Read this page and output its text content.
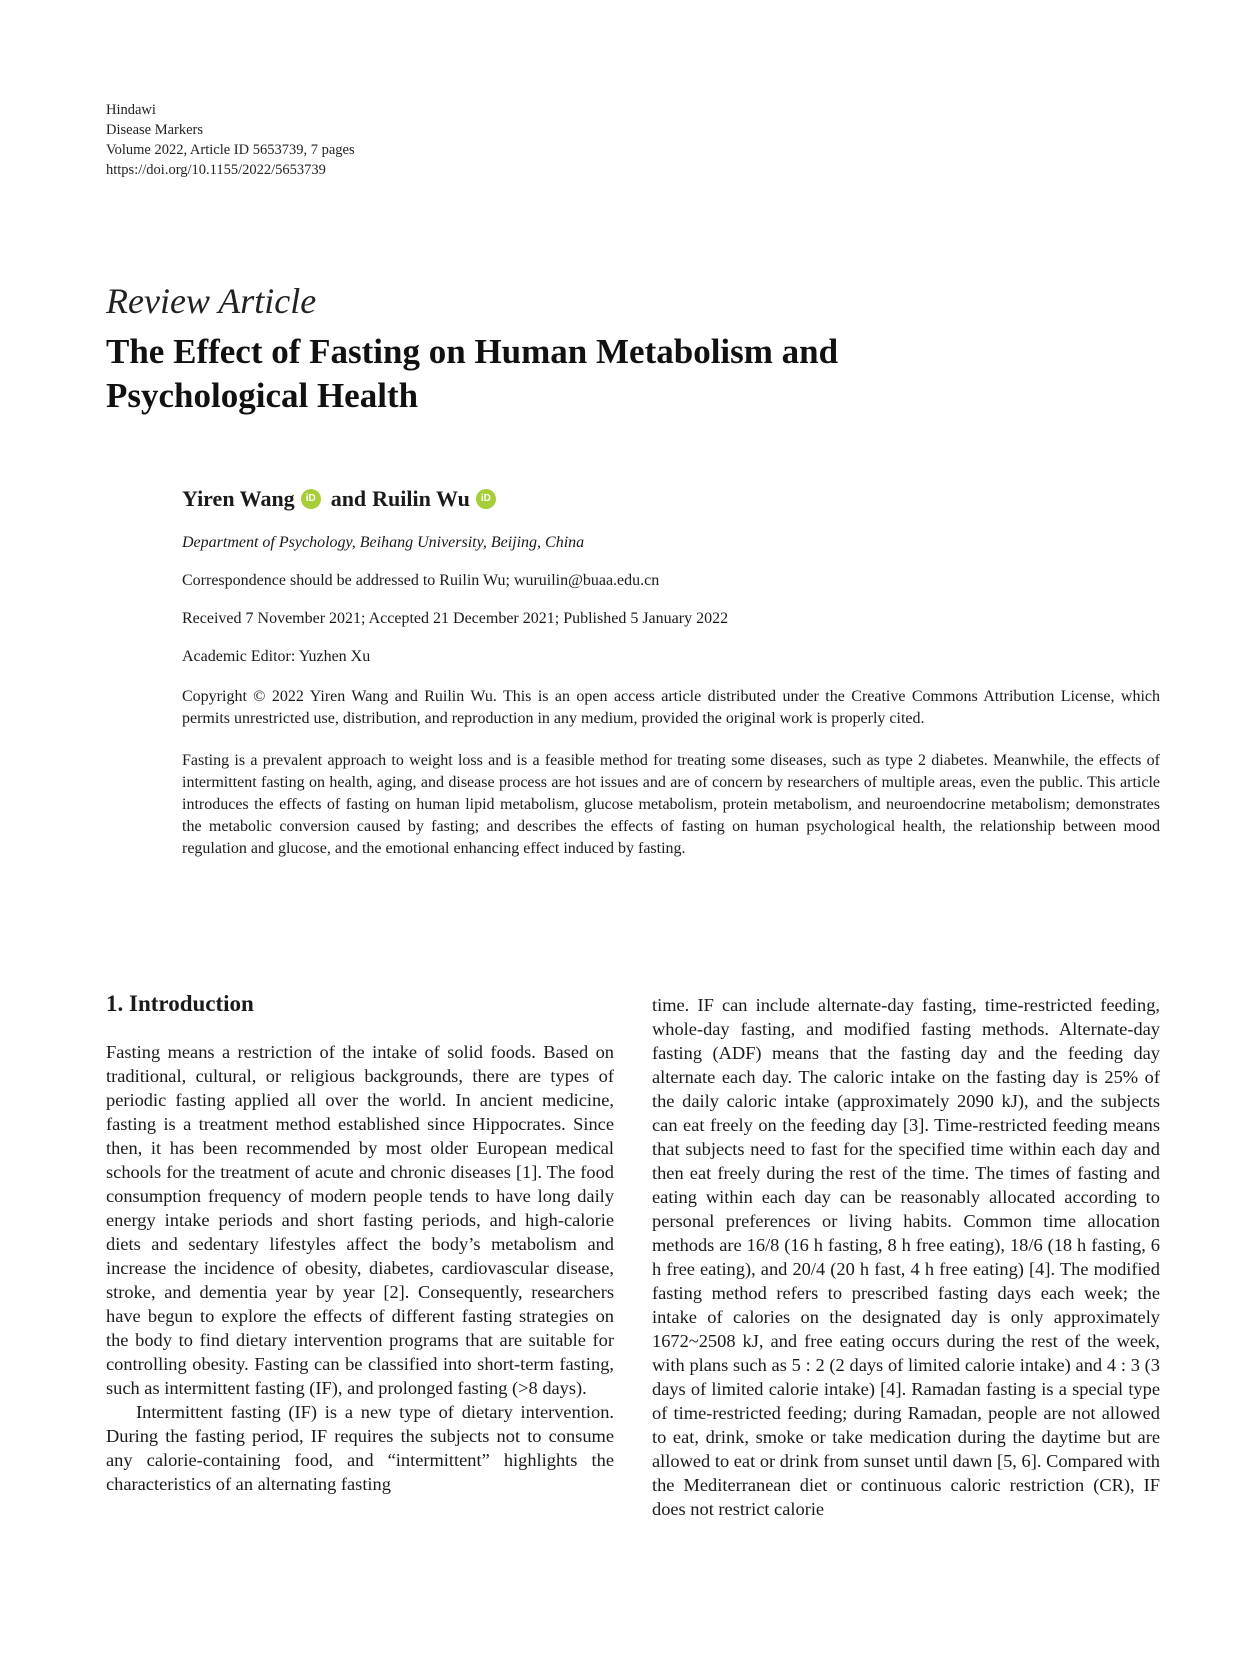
Hindawi
Disease Markers
Volume 2022, Article ID 5653739, 7 pages
https://doi.org/10.1155/2022/5653739
Review Article
The Effect of Fasting on Human Metabolism and
Psychological Health
Yiren Wang	iD and Ruilin Wu	iD
Department of Psychology, Beihang University, Beijing, China
Correspondence should be addressed to Ruilin Wu; wuruilin@buaa.edu.cn
Received 7 November 2021; Accepted 21 December 2021; Published 5 January 2022
Academic Editor: Yuzhen Xu
Copyright © 2022 Yiren Wang and Ruilin Wu. This is an open access article distributed under the Creative Commons Attribution License, which permits unrestricted use, distribution, and reproduction in any medium, provided the original work is properly cited.
Fasting is a prevalent approach to weight loss and is a feasible method for treating some diseases, such as type 2 diabetes. Meanwhile, the effects of intermittent fasting on health, aging, and disease process are hot issues and are of concern by researchers of multiple areas, even the public. This article introduces the effects of fasting on human lipid metabolism, glucose metabolism, protein metabolism, and neuroendocrine metabolism; demonstrates the metabolic conversion caused by fasting; and describes the effects of fasting on human psychological health, the relationship between mood regulation and glucose, and the emotional enhancing effect induced by fasting.
1. Introduction

Fasting means a restriction of the intake of solid foods. Based on traditional, cultural, or religious backgrounds, there are types of periodic fasting applied all over the world. In ancient medicine, fasting is a treatment method established since Hippocrates. Since then, it has been recommended by most older European medical schools for the treatment of acute and chronic diseases [1]. The food consumption frequency of modern people tends to have long daily energy intake periods and short fasting periods, and high-calorie diets and sedentary lifestyles affect the body’s metabolism and increase the incidence of obesity, diabetes, cardiovascular disease, stroke, and dementia year by year [2]. Consequently, researchers have begun to explore the effects of different fasting strategies on the body to find dietary intervention programs that are suitable for controlling obesity. Fasting can be classified into short-term fasting, such as intermittent fasting (IF), and prolonged fasting (>8 days).

Intermittent fasting (IF) is a new type of dietary intervention. During the fasting period, IF requires the subjects not to consume any calorie-containing food, and “intermittent” highlights the characteristics of an alternating fasting

time. IF can include alternate-day fasting, time-restricted feeding, whole-day fasting, and modified fasting methods. Alternate-day fasting (ADF) means that the fasting day and the feeding day alternate each day. The caloric intake on the fasting day is 25% of the daily caloric intake (approximately 2090 kJ), and the subjects can eat freely on the feeding day [3]. Time-restricted feeding means that subjects need to fast for the specified time within each day and then eat freely during the rest of the time. The times of fasting and eating within each day can be reasonably allocated according to personal preferences or living habits. Common time allocation methods are 16/8 (16 h fasting, 8 h free eating), 18/6 (18 h fasting, 6 h free eating), and 20/4 (20 h fast, 4 h free eating) [4]. The modified fasting method refers to prescribed fasting days each week; the intake of calories on the designated day is only approximately 1672~2508 kJ, and free eating occurs during the rest of the week, with plans such as 5 : 2 (2 days of limited calorie intake) and 4 : 3 (3 days of limited calorie intake) [4]. Ramadan fasting is a special type of time-restricted feeding; during Ramadan, people are not allowed to eat, drink, smoke or take medication during the daytime but are allowed to eat or drink from sunset until dawn [5, 6]. Compared with the Mediterranean diet or continuous caloric restriction (CR), IF does not restrict calorie
